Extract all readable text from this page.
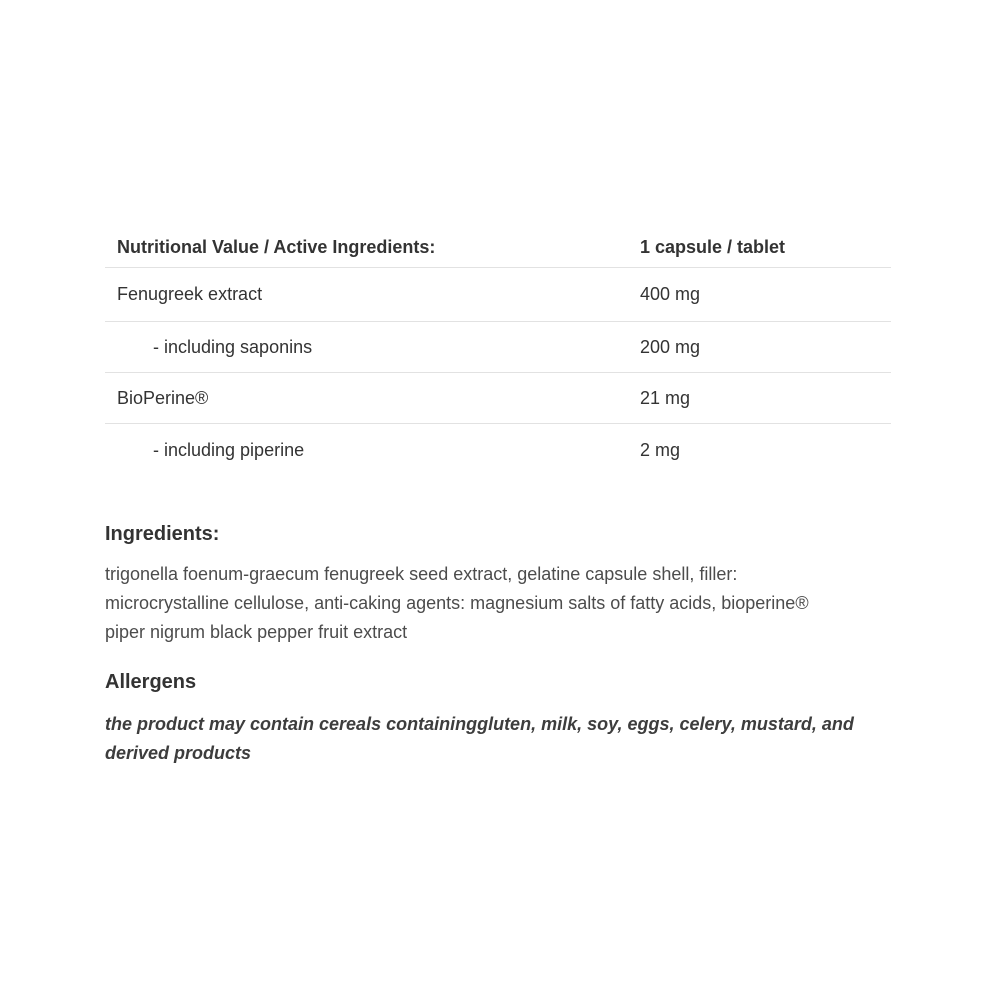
Nutritional Value / Active Ingredients:	1 capsule / tablet
Fenugreek extract	400 mg
- including saponins	200 mg
BioPerine®	21 mg
- including piperine	2 mg
Ingredients:
trigonella foenum-graecum fenugreek seed extract, gelatine capsule shell, filler:
microcrystalline cellulose, anti-caking agents: magnesium salts of fatty acids, bioperine®
piper nigrum black pepper fruit extract
Allergens
the product may contain cereals containinggluten, milk, soy, eggs, celery, mustard, and
derived products
